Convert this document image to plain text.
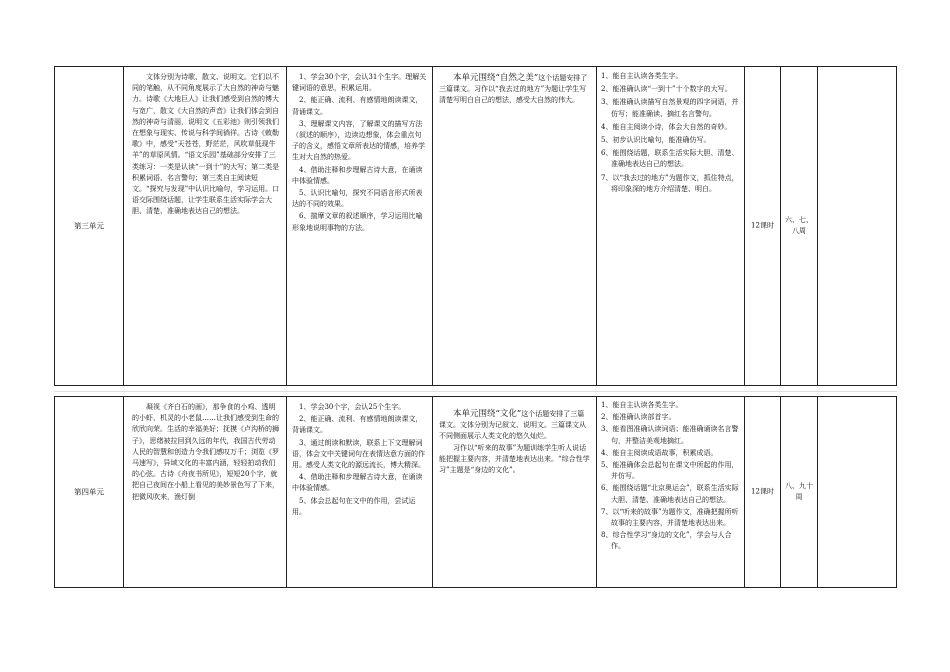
第三单元
文体分别为诗歌、散文、说明文。它们以不同的笔触，从不同角度展示了大自然的神奇与魅力。诗歌《大地巨人》让我们感受到自然的博大与宽广，散文《大自然的声音》让我们体会到自然的神奇与清丽，说明文《五彩池》则引领我们在想象与现实、传说与科学间徜徉。古诗《敕勒歌》中，感受“天苍苍，野茫茫，风吹草低现牛羊”的草原风情。“语文乐园”基础部分安排了三类练习：一类是认读“一到十”的大写；第二类是积累词语、名言警句；第三类自主阅读短文。“探究与发现”中认识比喻句，学习运用。口语交际围绕话题，让学生联系生活实际学会大胆、清楚、准确地表达自己的想法。
1、学会30个字，会认31个生字。理解关键词语的意思，积累运用。
2、能正确、流利、有感情地朗读课文，背诵课文。
3、理解课文内容，了解课文的描写方法（叙述的顺序），边读边想象，体会重点句子的含义，感悟文章所表达的情感，培养学生对大自然的热爱。
4、借助注释和步理解古诗大意，在诵读中体验情感。
5、认识比喻句，探究不同语言形式所表达的不同的效果。
6、揣摩文章的叙述顺序，学习运用比喻形象地说明事物的方法。
本单元围绕“自然之美”这个话题安排了三篇课文。习作以“我去过的地方”为题让学生写清楚写明白自己的想法，感受大自然的伟大。
1、能自主认读各类生字。
2、能准确认读“一到十”十个数字的大写。
3、能准确认读描写自然景观的四字词语，并仿写；能准确读、摘红名言警句。
4、能自主阅读小诗，体会大自然的奇妙。
5、初步认识比喻句，能准确仿写。
6、能围绕话题，联系生活实际大胆、清楚、准确地表达自己的想法。
7、以“我去过的地方”为题作文，抓住特点，将印象深的地方介绍清楚、明白。
12课时
六、七、八周
第四单元
凝视《齐白石的画》，那争食的小鸡、透明的小虾、机灵的小老鼠……让我们感受到生命的欣欣向荣。生活的幸福美好；抚摸《卢沟桥的狮子》，思绪被拉回到久远的年代，我国古代劳动人民的智慧和创造力令我们感叹万千；浏览《罗马速写》，异域文化的丰富内涵，轻轻拍动我们的心弦。古诗《舟夜书所见》，短短20个字，就把自己夜间在小船上看见的美妙景色写了下来，把微风吹来，渔灯倒
1、学会30个字，会认25个生字。
2、能正确、流利、有感情地朗读课文，背诵课文。
3、通过朗读和默读，联系上下文理解词语，体会文中关键词句在表情达意方面的作用。感受人类文化的源远流长，博大精深。
4、借助注释和步理解古诗大意，在诵读中体验情感。
5、体会总起句在文中的作用，尝试运用。
本单元围绕“文化”这个话题安排了三篇课文。文体分别为记叙文、说明文。三篇课文从不同侧面展示人类文化的悠久灿烂。
习作以“听来的故事”为题训练学生听人说话能把握主要内容，并清楚地表达出来。“综合性学习”主题是“身边的文化”。
1、能自主认读各类生字。
2、能准确认读部首字。
3、能看图准确认读词语；能准确诵读名言警句，并整洁美观地摘红。
4、能自主阅读成语故事，积累成语。
5、能准确体会总起句在课文中所起的作用，并仿写。
6、能围绕话题“北京奥运会”，联系生活实际大胆、清楚、准确地表达自己的想法。
7、以“听来的故事”为题作文，准确把握所听故事的主要内容，并清楚地表达出来。
8、综合性学习“身边的文化”，学会与人合作。
12课时
八、九十周
